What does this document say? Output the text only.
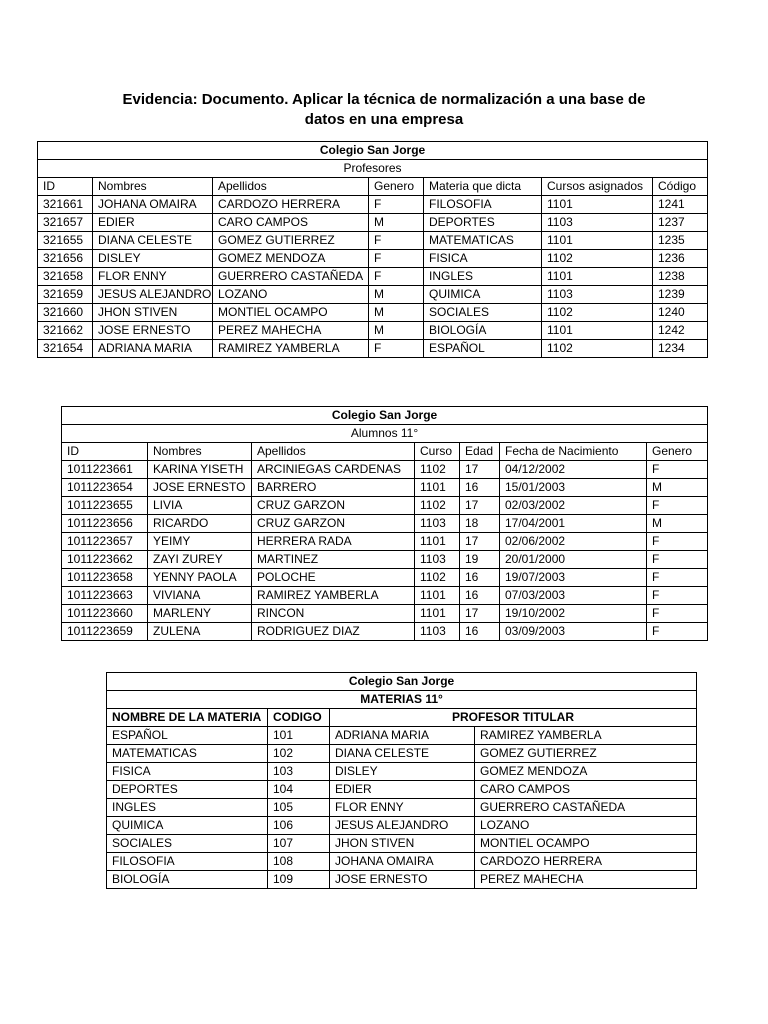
Evidencia: Documento. Aplicar la técnica de normalización a una base de
datos en una empresa
Colegio San Jorge						
Profesores						
ID	Nombres	Apellidos	Genero	Materia que dicta	Cursos asignados	Código
321661	JOHANA OMAIRA	CARDOZO HERRERA	F	FILOSOFIA	1101	1241
321657	EDIER	CARO CAMPOS	M	DEPORTES	1103	1237
321655	DIANA CELESTE	GOMEZ GUTIERREZ	F	MATEMATICAS	1101	1235
321656	DISLEY	GOMEZ MENDOZA	F	FISICA	1102	1236
321658	FLOR ENNY	GUERRERO CASTAÑEDA	F	INGLES	1101	1238
321659	JESUS ALEJANDRO	LOZANO	M	QUIMICA	1103	1239
321660	JHON STIVEN	MONTIEL OCAMPO	M	SOCIALES	1102	1240
321662	JOSE ERNESTO	PEREZ MAHECHA	M	BIOLOGÍA	1101	1242
321654	ADRIANA MARIA	RAMIREZ YAMBERLA	F	ESPAÑOL	1102	1234
Colegio San Jorge						
Alumnos 11°						
ID	Nombres	Apellidos	Curso	Edad	Fecha de Nacimiento	Genero
1011223661	KARINA YISETH	ARCINIEGAS CARDENAS	1102	17	04/12/2002	F
1011223654	JOSE ERNESTO	BARRERO	1101	16	15/01/2003	M
1011223655	LIVIA	CRUZ GARZON	1102	17	02/03/2002	F
1011223656	RICARDO	CRUZ GARZON	1103	18	17/04/2001	M
1011223657	YEIMY	HERRERA RADA	1101	17	02/06/2002	F
1011223662	ZAYI ZUREY	MARTINEZ	1103	19	20/01/2000	F
1011223658	YENNY PAOLA	POLOCHE	1102	16	19/07/2003	F
1011223663	VIVIANA	RAMIREZ YAMBERLA	1101	16	07/03/2003	F
1011223660	MARLENY	RINCON	1101	17	19/10/2002	F
1011223659	ZULENA	RODRIGUEZ DIAZ	1103	16	03/09/2003	F
Colegio San Jorge			
MATERIAS 11°			
NOMBRE DE LA MATERIA	CODIGO	PROFESOR TITULAR	
ESPAÑOL	101	ADRIANA MARIA	RAMIREZ YAMBERLA
MATEMATICAS	102	DIANA CELESTE	GOMEZ GUTIERREZ
FISICA	103	DISLEY	GOMEZ MENDOZA
DEPORTES	104	EDIER	CARO CAMPOS
INGLES	105	FLOR ENNY	GUERRERO CASTAÑEDA
QUIMICA	106	JESUS ALEJANDRO	LOZANO
SOCIALES	107	JHON STIVEN	MONTIEL OCAMPO
FILOSOFIA	108	JOHANA OMAIRA	CARDOZO HERRERA
BIOLOGÍA	109	JOSE ERNESTO	PEREZ MAHECHA
